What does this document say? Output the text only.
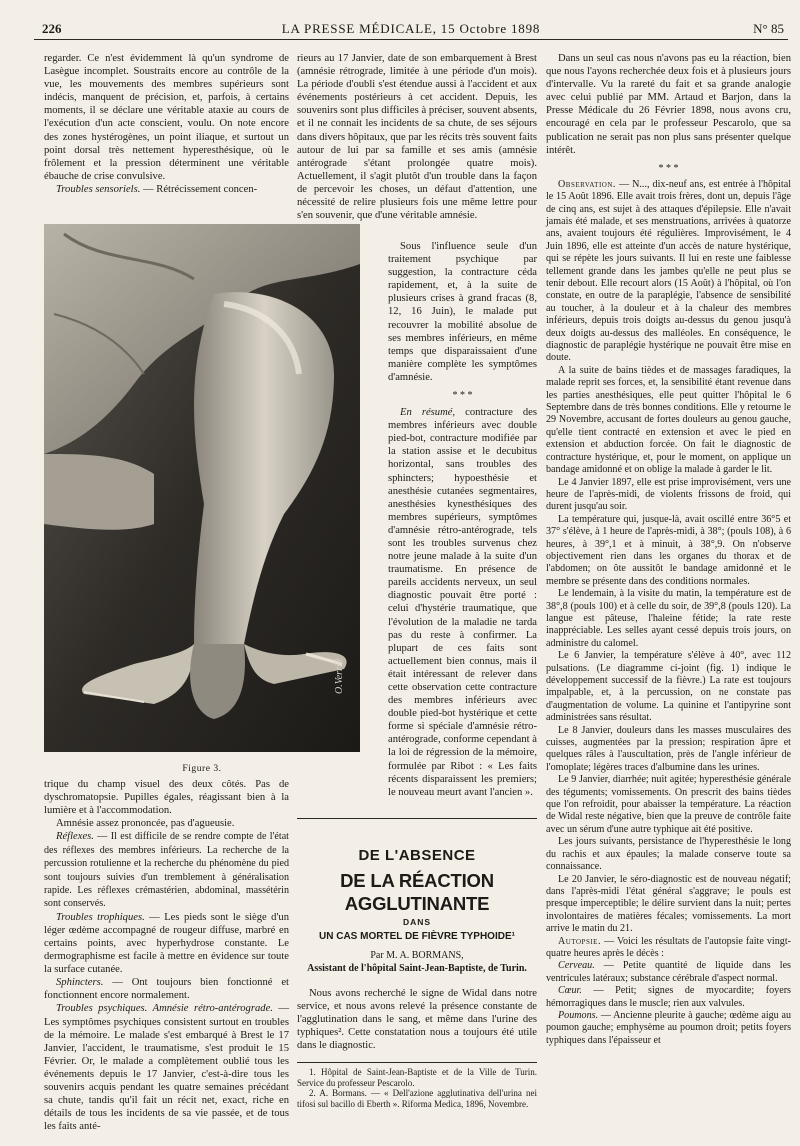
226	LA PRESSE MÉDICALE, 15 Octobre 1898	N° 85

regarder. Ce n'est évidemment là qu'un syndrome de Lasègue incomplet. Soustraits encore au contrôle de la vue, les mouvements des membres supérieurs sont indécis, manquent de précision, et, parfois, à certains moments, il se déclare une véritable ataxie au cours de l'exécution d'un acte conscient, voulu. On note encore des zones hystérogènes, un point iliaque, et surtout un point dorsal très nettement hyperesthésique, où le frôlement et la pression déterminent une véritable ébauche de crise convulsive.

Troubles sensoriels. — Rétrécissement concen-

O.Verrill
Figure 3.

trique du champ visuel des deux côtés. Pas de dyschromatopsie. Pupilles égales, réagissant bien à la lumière et à l'accommodation.

Amnésie assez prononcée, pas d'agueusie.

Réflexes. — Il est difficile de se rendre compte de l'état des réflexes des membres inférieurs. La recherche de la percussion rotulienne et la recherche du phénomène du pied sont toujours suivies d'un tremblement à généralisation rapide. Les réflexes crémastérien, abdominal, massétérin sont conservés.

Troubles trophiques. — Les pieds sont le siège d'un léger œdème accompagné de rougeur diffuse, marbré en certains points, avec hyperhydrose constante. Le dermographisme est facile à mettre en évidence sur toute la surface cutanée.

Sphincters. — Ont toujours bien fonctionné et fonctionnent encore normalement.

Troubles psychiques. Amnésie rétro-antérograde. — Les symptômes psychiques consistent surtout en troubles de la mémoire. Le malade s'est embarqué à Brest le 17 Janvier, l'accident, le traumatisme, s'est produit le 15 Février. Or, le malade a complètement oublié tous les événements depuis le 17 Janvier, c'est-à-dire tous les souvenirs acquis pendant les quatre semaines précédant sa chute, tandis qu'il fait un récit net, exact, riche en détails de tous les incidents de sa vie passée, et de tous les faits anté-

rieurs au 17 Janvier, date de son embarquement à Brest (amnésie rétrograde, limitée à une période d'un mois). La période d'oubli s'est étendue aussi à l'accident et aux événements postérieurs à cet accident. Depuis, les souvenirs sont plus difficiles à préciser, souvent absents, et il ne connait les incidents de sa chute, de ses séjours dans divers hôpitaux, que par les récits très souvent faits autour de lui par sa famille et ses amis (amnésie antérograde s'étant prolongée quatre mois). Actuellement, il s'agit plutôt d'un trouble dans la façon de percevoir les choses, un défaut d'attention, une nécessité de relire plusieurs fois une même lettre pour s'en souvenir, que d'une véritable amnésie.

Sous l'influence seule d'un traitement psychique par suggestion, la contracture céda rapidement, et, à la suite de plusieurs crises à grand fracas (8, 12, 16 Juin), le malade put recouvrer la mobilité absolue de ses membres inférieurs, en même temps que disparaissaient d'une manière complète les symptômes d'amnésie.

* * *

En résumé, contracture des membres inférieurs avec double pied-bot, contracture modifiée par la station assise et le decubitus horizontal, sans troubles des sphincters; hypoesthésie et anesthésie cutanées segmentaires, anesthésies kynesthésiques des membres supérieurs, symptômes d'amnésie rétro-antérograde, tels sont les troubles survenus chez notre jeune malade à la suite d'un traumatisme. En présence de pareils accidents nerveux, un seul diagnostic pouvait être porté : celui d'hystérie traumatique, que l'évolution de la maladie ne tarda pas du reste à confirmer. La plupart de ces faits sont actuellement bien connus, mais il était intéressant de relever dans cette observation cette contracture des membres inférieurs avec double pied-bot hystérique et cette forme si spéciale d'amnésie rétro-antérograde, conforme cependant à la loi de régression de la mémoire, formulée par Ribot : « Les faits récents disparaissent les premiers; le nouveau meurt avant l'ancien ».

DE L'ABSENCE
DE LA RÉACTION AGGLUTINANTE
DANS
UN CAS MORTEL DE FIÈVRE TYPHOIDE¹
Par M. A. BORMANS,
Assistant de l'hôpital Saint-Jean-Baptiste, de Turin.

Nous avons recherché le signe de Widal dans notre service, et nous avons relevé la présence constante de l'agglutination dans le sang, et même dans l'urine des typhiques². Cette constatation nous a toujours été utile dans le diagnostic.

1. Hôpital de Saint-Jean-Baptiste et de la Ville de Turin. Service du professeur Pescarolo.

2. A. Bormans. — « Dell'azione agglutinativa dell'urina nei tifosi sul bacillo di Eberth ». Riforma Medica, 1896, Novembre.

Dans un seul cas nous n'avons pas eu la réaction, bien que nous l'ayons recherchée deux fois et à plusieurs jours d'intervalle. Vu la rareté du fait et sa grande analogie avec celui publié par MM. Artaud et Barjon, dans la Presse Médicale du 26 Février 1898, nous avons cru, encouragé en cela par le professeur Pescarolo, que sa publication ne serait pas non plus sans présenter quelque intérêt.

* * *

Observation. — N..., dix-neuf ans, est entrée à l'hôpital le 15 Août 1896. Elle avait trois frères, dont un, depuis l'âge de cinq ans, est sujet à des attaques d'épilepsie. Elle n'avait jamais été malade, et ses menstruations, arrivées à quatorze ans, avaient toujours été régulières. Improvisément, le 4 Juin 1896, elle est atteinte d'un accès de nature hystérique, qui se répète les jours suivants. Il lui en reste une faiblesse tellement grande dans les jambes qu'elle ne peut plus se tenir debout. Elle recourt alors (15 Août) à l'hôpital, où l'on constate, en outre de la paraplégie, l'absence de sensibilité au toucher, à la douleur et à la chaleur des membres inférieurs, depuis trois doigts au-dessus du genou jusqu'à deux doigts au-dessus des malléoles. En conséquence, le diagnostic de paraplégie hystérique ne pouvait être mise en doute.

A la suite de bains tièdes et de massages faradiques, la malade reprit ses forces, et, la sensibilité étant revenue dans les parties anesthésiques, elle peut quitter l'hôpital le 6 Septembre dans de très bonnes conditions. Elle y retourne le 29 Novembre, accusant de fortes douleurs au genou gauche, qu'elle tient contracté en extension et avec le pied en extension et abduction forcée. On fait le diagnostic de contracture hystérique, et, pour le moment, on applique un bandage amidonné et on oblige la malade à garder le lit.

Le 4 Janvier 1897, elle est prise improvisément, vers une heure de l'après-midi, de violents frissons de froid, qui durent jusqu'au soir.

La température qui, jusque-là, avait oscillé entre 36°5 et 37° s'élève, à 1 heure de l'après-midi, à 38°; (pouls 108), à 6 heures, à 39°,1 et à minuit, à 38°,9. On n'observe objectivement rien dans les organes du thorax et de l'abdomen; on ôte aussitôt le bandage amidonné et le membre se présente dans des conditions normales.

Le lendemain, à la visite du matin, la température est de 38°,8 (pouls 100) et à celle du soir, de 39°,8 (pouls 120). La langue est pâteuse, l'haleine fétide; la rate reste inappréciable. Les selles ayant cessé depuis trois jours, on administre du calomel.

Le 6 Janvier, la température s'élève à 40°, avec 112 pulsations. (Le diagramme ci-joint (fig. 1) indique le développement successif de la fièvre.) La rate est toujours impalpable, et, à la percussion, on ne constate pas d'augmentation de volume. La quinine et l'antipyrine sont administrées sans résultat.

Le 8 Janvier, douleurs dans les masses musculaires des cuisses, augmentées par la pression; respiration âpre et quelques râles à l'auscultation, près de l'angle inférieur de l'omoplate; légères traces d'albumine dans les urines.

Le 9 Janvier, diarrhée; nuit agitée; hyperesthésie générale des téguments; vomissements. On prescrit des bains tièdes que l'on refroidit, pour abaisser la température. La réaction de Widal reste négative, bien que la preuve de contrôle faite avec un sérum d'une autre typhique ait été positive.

Les jours suivants, persistance de l'hyperesthésie le long du rachis et aux épaules; la malade conserve toute sa connaissance.

Le 20 Janvier, le séro-diagnostic est de nouveau négatif; dans l'après-midi l'état général s'aggrave; le pouls est presque imperceptible; le délire survient dans la nuit; pertes involontaires de matières fécales; vomissements. La mort arrive le matin du 21.

Autopsie. — Voici les résultats de l'autopsie faite vingt-quatre heures après le décès :

Cerveau. — Petite quantité de liquide dans les ventricules latéraux; substance cérébrale d'aspect normal.

Cœur. — Petit; signes de myocardite; foyers hémorragiques dans le muscle; rien aux valvules.

Poumons. — Ancienne pleurite à gauche; œdème aigu au poumon gauche; emphysème au poumon droit; petits foyers typhiques dans l'épaisseur et
